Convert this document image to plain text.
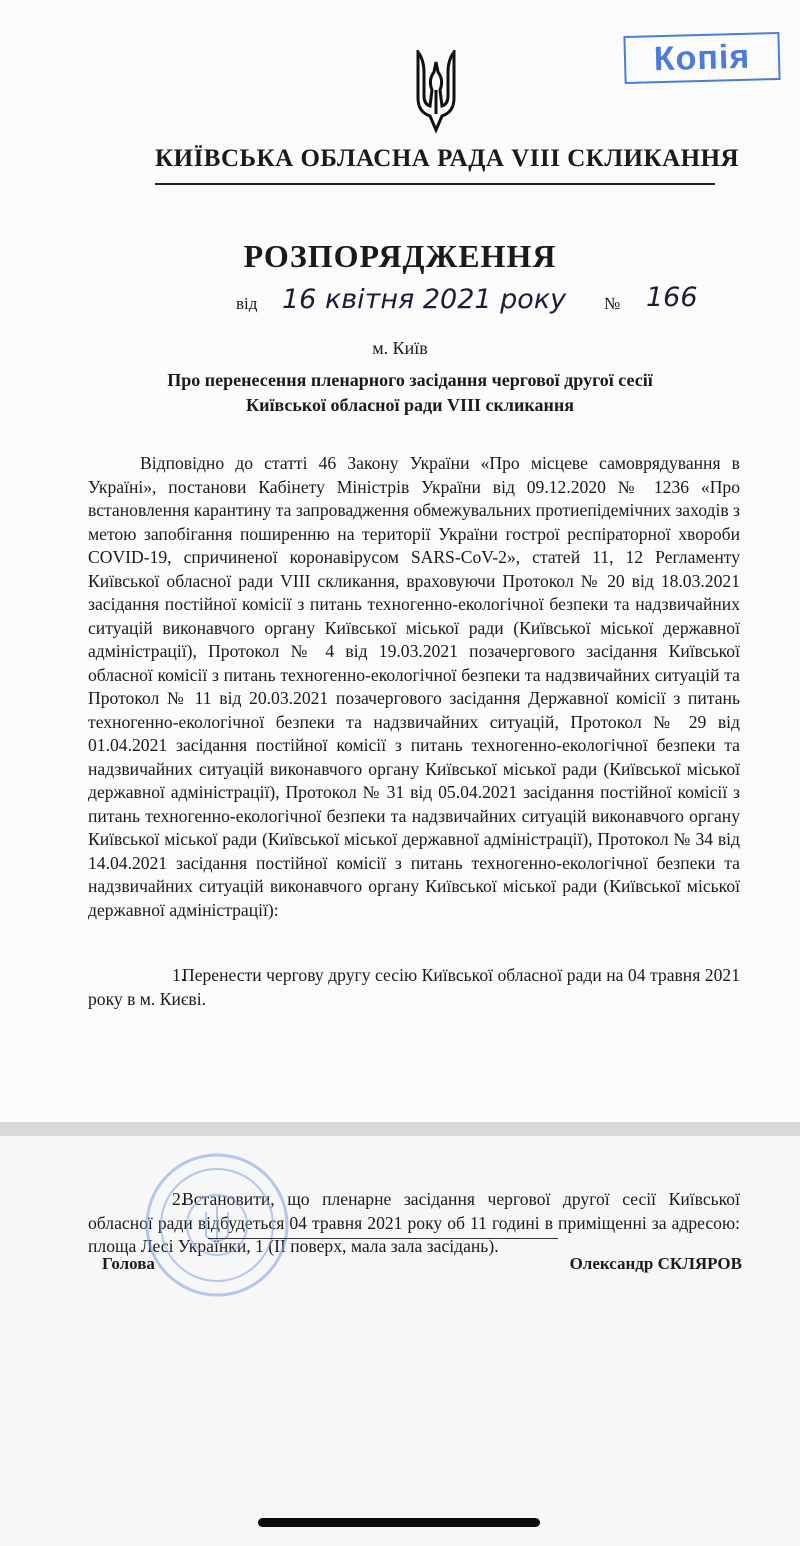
Копія
КИЇВСЬКА ОБЛАСНА РАДА VIII СКЛИКАННЯ
РОЗПОРЯДЖЕННЯ
від 16 квітня 2021 року № 166
м. Київ
Про перенесення пленарного засідання чергової другої сесії
Київської обласної ради VIII скликання
Відповідно до статті 46 Закону України «Про місцеве самоврядування в Україні», постанови Кабінету Міністрів України від 09.12.2020 № 1236 «Про встановлення карантину та запровадження обмежувальних протиепідемічних заходів з метою запобігання поширенню на території України гострої респіраторної хвороби COVID-19, спричиненої коронавірусом SARS-CoV-2», статей 11, 12 Регламенту Київської обласної ради VIII скликання, враховуючи Протокол № 20 від 18.03.2021 засідання постійної комісії з питань техногенно-екологічної безпеки та надзвичайних ситуацій виконавчого органу Київської міської ради (Київської міської державної адміністрації), Протокол № 4 від 19.03.2021 позачергового засідання Київської обласної комісії з питань техногенно-екологічної безпеки та надзвичайних ситуацій та Протокол № 11 від 20.03.2021 позачергового засідання Державної комісії з питань техногенно-екологічної безпеки та надзвичайних ситуацій, Протокол № 29 від 01.04.2021 засідання постійної комісії з питань техногенно-екологічної безпеки та надзвичайних ситуацій виконавчого органу Київської міської ради (Київської міської державної адміністрації), Протокол № 31 від 05.04.2021 засідання постійної комісії з питань техногенно-екологічної безпеки та надзвичайних ситуацій виконавчого органу Київської міської ради (Київської міської державної адміністрації), Протокол № 34 від 14.04.2021 засідання постійної комісії з питань техногенно-екологічної безпеки та надзвичайних ситуацій виконавчого органу Київської міської ради (Київської міської державної адміністрації):
1.Перенести чергову другу сесію Київської обласної ради на 04 травня 2021 року в м. Києві.
2.Встановити, що пленарне засідання чергової другої сесії Київської обласної ради відбудеться 04 травня 2021 року об 11 годині в приміщенні за адресою: площа Лесі Українки, 1 (ІІ поверх, мала зала засідань).
Голова	Олександр СКЛЯРОВ
